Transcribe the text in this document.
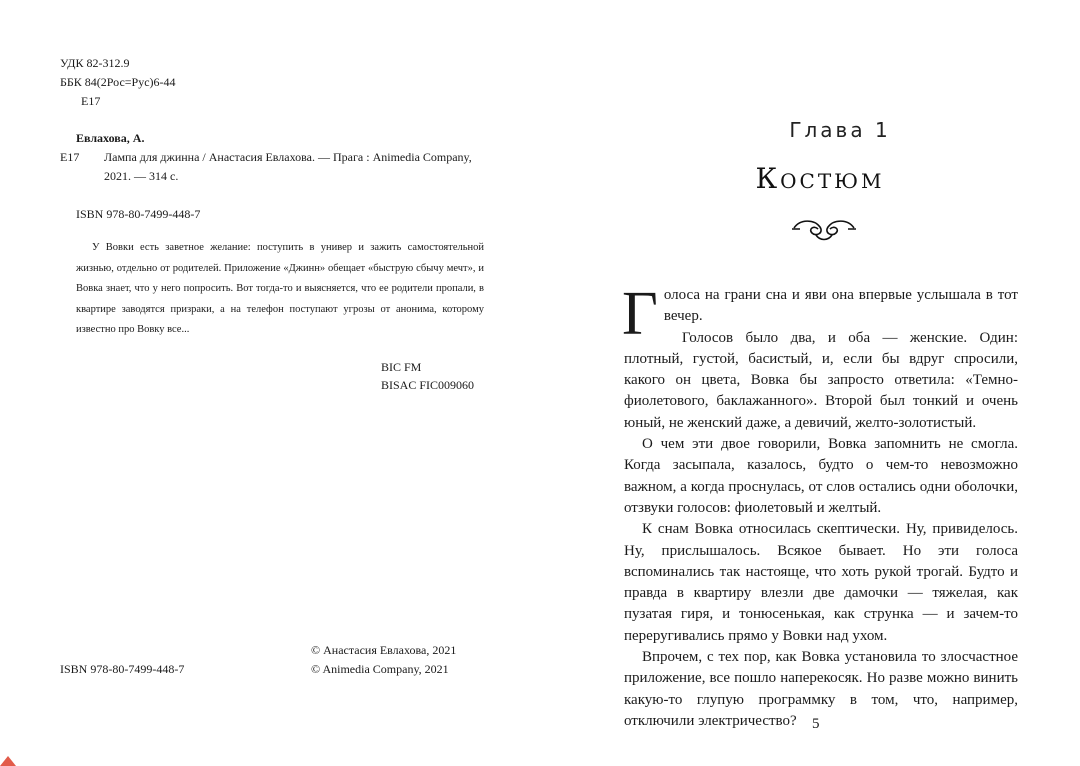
УДК 82-312.9
ББК 84(2Рос=Рус)6-44
Е17
Евлахова, А.
Е17 Лампа для джинна / Анастасия Евлахова. — Прага : Animedia Company,
2021. — 314 с.
ISBN 978-80-7499-448-7
У Вовки есть заветное желание: поступить в универ и зажить самостоятельной жизнью, отдельно от родителей. Приложение «Джинн» обещает «быструю сбычу мечт», и Вовка знает, что у него попросить. Вот тогда-то и выясняется, что ее родители пропали, в квартире заводятся призраки, а на телефон поступают угрозы от анонима, которому известно про Вовку все...
BIC FM
BISAC FIC009060
© Анастасия Евлахова, 2021
© Animedia Company, 2021
ISBN 978-80-7499-448-7
Глава 1
Костюм

Голоса на грани сна и яви она впервые услышала в тот вечер.

Голосов было два, и оба — женские. Один: плотный, густой, басистый, и, если бы вдруг спросили, какого он цвета, Вовка бы запросто ответила: «Темно-фиолетового, баклажанного». Второй был тонкий и очень юный, не женский даже, а девичий, желто-золотистый.

О чем эти двое говорили, Вовка запомнить не смогла. Когда засыпала, казалось, будто о чем-то невозможно важном, а когда проснулась, от слов остались одни оболочки, отзвуки голосов: фиолетовый и желтый.

К снам Вовка относилась скептически. Ну, привиделось. Ну, прислышалось. Всякое бывает. Но эти голоса вспоминались так настояще, что хоть рукой трогай. Будто и правда в квартиру влезли две дамочки — тяжелая, как пузатая гиря, и тонюсенькая, как струнка — и зачем-то переругивались прямо у Вовки над ухом.

Впрочем, с тех пор, как Вовка установила то злосчастное приложение, все пошло наперекосяк. Но разве можно винить какую-то глупую программку в том, что, например, отключили электричество?	5
